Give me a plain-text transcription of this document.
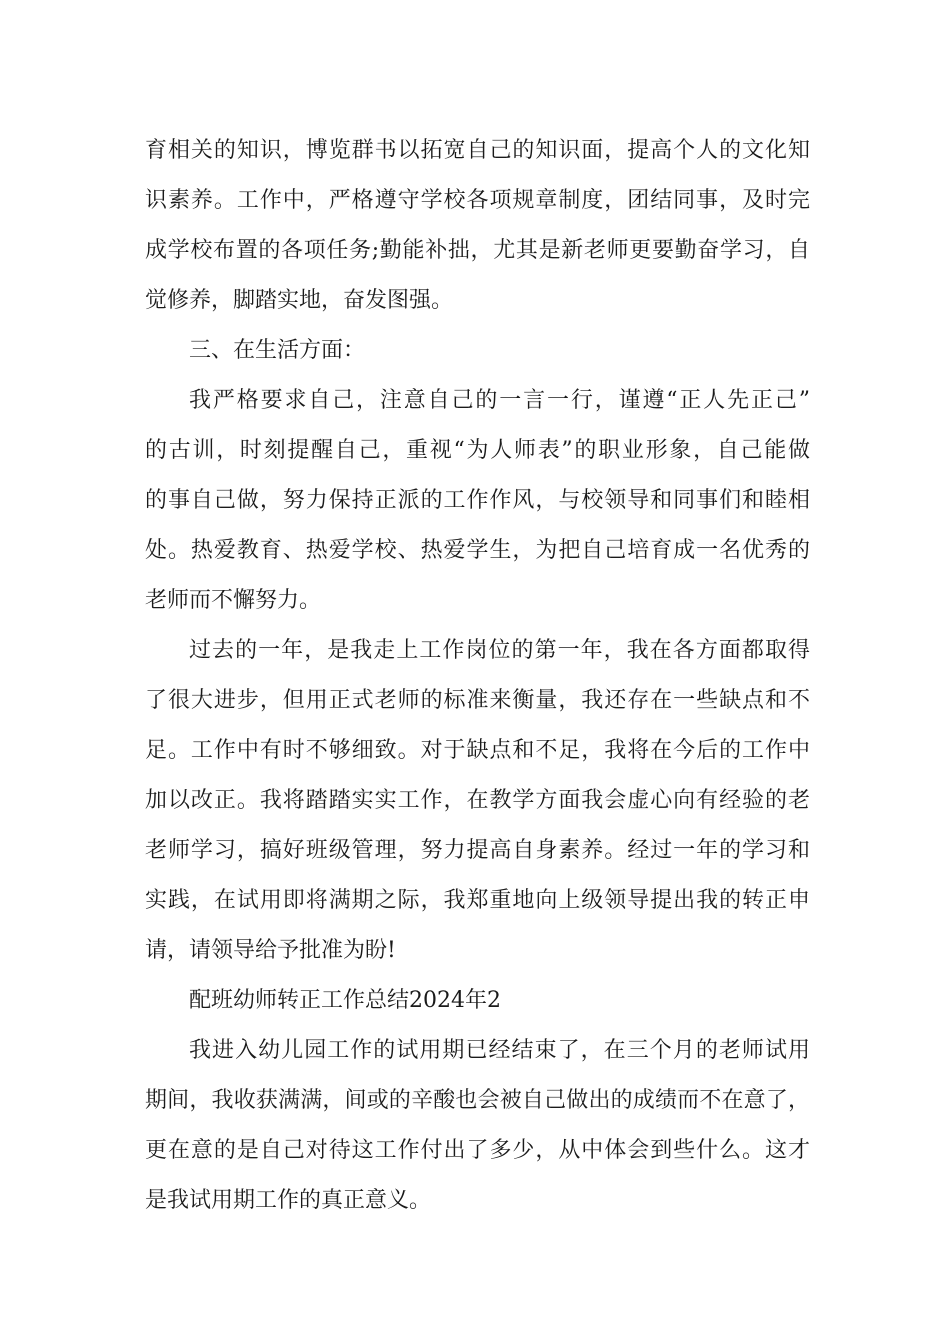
育相关的知识，博览群书以拓宽自己的知识面，提高个人的文化知
识素养。工作中，严格遵守学校各项规章制度，团结同事，及时完
成学校布置的各项任务;勤能补拙，尤其是新老师更要勤奋学习，自
觉修养，脚踏实地，奋发图强。
三、在生活方面：
我严格要求自己，注意自己的一言一行，谨遵“正人先正己”
的古训，时刻提醒自己，重视“为人师表”的职业形象，自己能做
的事自己做，努力保持正派的工作作风，与校领导和同事们和睦相
处。热爱教育、热爱学校、热爱学生，为把自己培育成一名优秀的
老师而不懈努力。
过去的一年，是我走上工作岗位的第一年，我在各方面都取得
了很大进步，但用正式老师的标准来衡量，我还存在一些缺点和不
足。工作中有时不够细致。对于缺点和不足，我将在今后的工作中
加以改正。我将踏踏实实工作，在教学方面我会虚心向有经验的老
老师学习，搞好班级管理，努力提高自身素养。经过一年的学习和
实践，在试用即将满期之际，我郑重地向上级领导提出我的转正申
请，请领导给予批准为盼!
配班幼师转正工作总结2024年2
我进入幼儿园工作的试用期已经结束了，在三个月的老师试用
期间，我收获满满，间或的辛酸也会被自己做出的成绩而不在意了，
更在意的是自己对待这工作付出了多少，从中体会到些什么。这才
是我试用期工作的真正意义。
